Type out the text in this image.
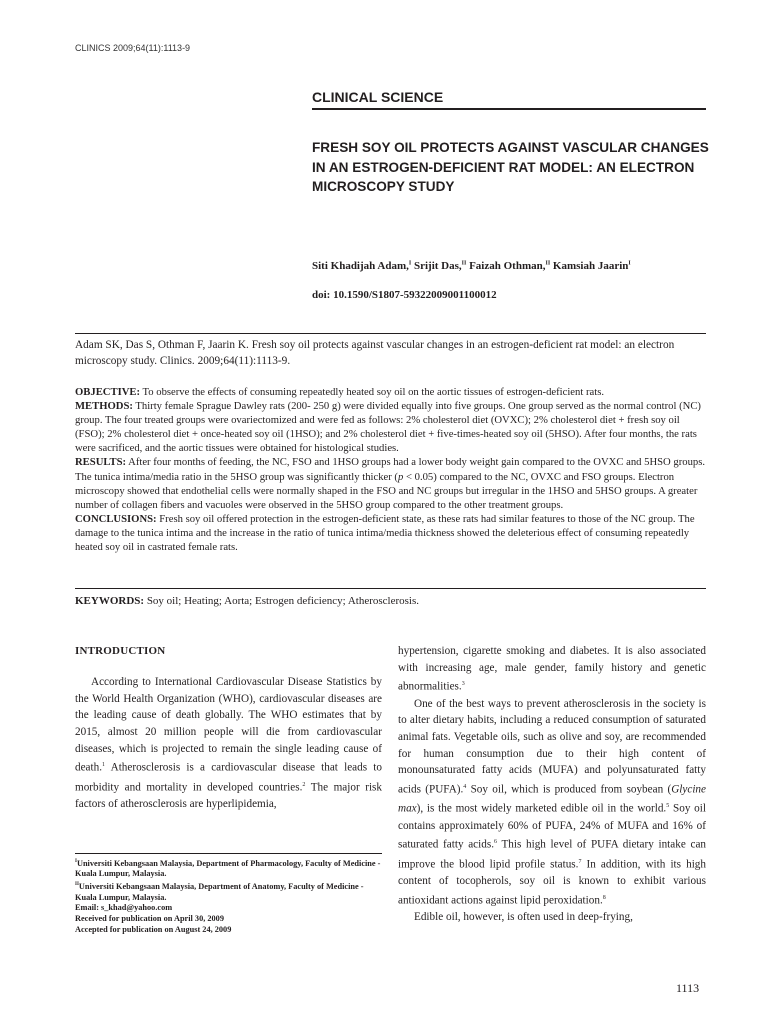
CLINICS 2009;64(11):1113-9
CLINICAL SCIENCE
FRESH SOY OIL PROTECTS AGAINST VASCULAR CHANGES IN AN ESTROGEN-DEFICIENT RAT MODEL: AN ELECTRON MICROSCOPY STUDY
Siti Khadijah Adam,$^I$ Srijit Das,$^{II}$ Faizah Othman,$^{II}$ Kamsiah Jaarin$^I$
doi: 10.1590/S1807-59322009001100012
Adam SK, Das S, Othman F, Jaarin K. Fresh soy oil protects against vascular changes in an estrogen-deficient rat model: an electron microscopy study. Clinics. 2009;64(11):1113-9.

OBJECTIVE: To observe the effects of consuming repeatedly heated soy oil on the aortic tissues of estrogen-deficient rats.

METHODS: Thirty female Sprague Dawley rats (200- 250 g) were divided equally into five groups. One group served as the normal control (NC) group. The four treated groups were ovariectomized and were fed as follows: 2% cholesterol diet (OVXC); 2% cholesterol diet + fresh soy oil (FSO); 2% cholesterol diet + once-heated soy oil (1HSO); and 2% cholesterol diet + five-times-heated soy oil (5HSO). After four months, the rats were sacrificed, and the aortic tissues were obtained for histological studies.

RESULTS: After four months of feeding, the NC, FSO and 1HSO groups had a lower body weight gain compared to the OVXC and 5HSO groups. The tunica intima/media ratio in the 5HSO group was significantly thicker (p < 0.05) compared to the NC, OVXC and FSO groups. Electron microscopy showed that endothelial cells were normally shaped in the FSO and NC groups but irregular in the 1HSO and 5HSO groups. A greater number of collagen fibers and vacuoles were observed in the 5HSO group compared to the other treatment groups.

CONCLUSIONS: Fresh soy oil offered protection in the estrogen-deficient state, as these rats had similar features to those of the NC group. The damage to the tunica intima and the increase in the ratio of tunica intima/media thickness showed the deleterious effect of consuming repeatedly heated soy oil in castrated female rats.

KEYWORDS: Soy oil; Heating; Aorta; Estrogen deficiency; Atherosclerosis.
INTRODUCTION

According to International Cardiovascular Disease Statistics by the World Health Organization (WHO), cardiovascular diseases are the leading cause of death globally. The WHO estimates that by 2015, almost 20 million people will die from cardiovascular diseases, which is projected to remain the single leading cause of death.$^1$ Atherosclerosis is a cardiovascular disease that leads to morbidity and mortality in developed countries.$^2$ The major risk factors of atherosclerosis are hyperlipidemia,

$^I$Universiti Kebangsaan Malaysia, Department of Pharmacology, Faculty of Medicine - Kuala Lumpur, Malaysia.
$^{II}$Universiti Kebangsaan Malaysia, Department of Anatomy, Faculty of Medicine - Kuala Lumpur, Malaysia.
Email: s_khad@yahoo.com
Received for publication on April 30, 2009
Accepted for publication on August 24, 2009

hypertension, cigarette smoking and diabetes. It is also associated with increasing age, male gender, family history and genetic abnormalities.$^3$

One of the best ways to prevent atherosclerosis in the society is to alter dietary habits, including a reduced consumption of saturated animal fats. Vegetable oils, such as olive and soy, are recommended for human consumption due to their high content of monounsaturated fatty acids (MUFA) and polyunsaturated fatty acids (PUFA).$^4$ Soy oil, which is produced from soybean (Glycine max), is the most widely marketed edible oil in the world.$^5$ Soy oil contains approximately 60% of PUFA, 24% of MUFA and 16% of saturated fatty acids.$^6$ This high level of PUFA dietary intake can improve the blood lipid profile status.$^7$ In addition, with its high content of tocopherols, soy oil is known to exhibit various antioxidant actions against lipid peroxidation.$^8$

Edible oil, however, is often used in deep-frying,

1113
